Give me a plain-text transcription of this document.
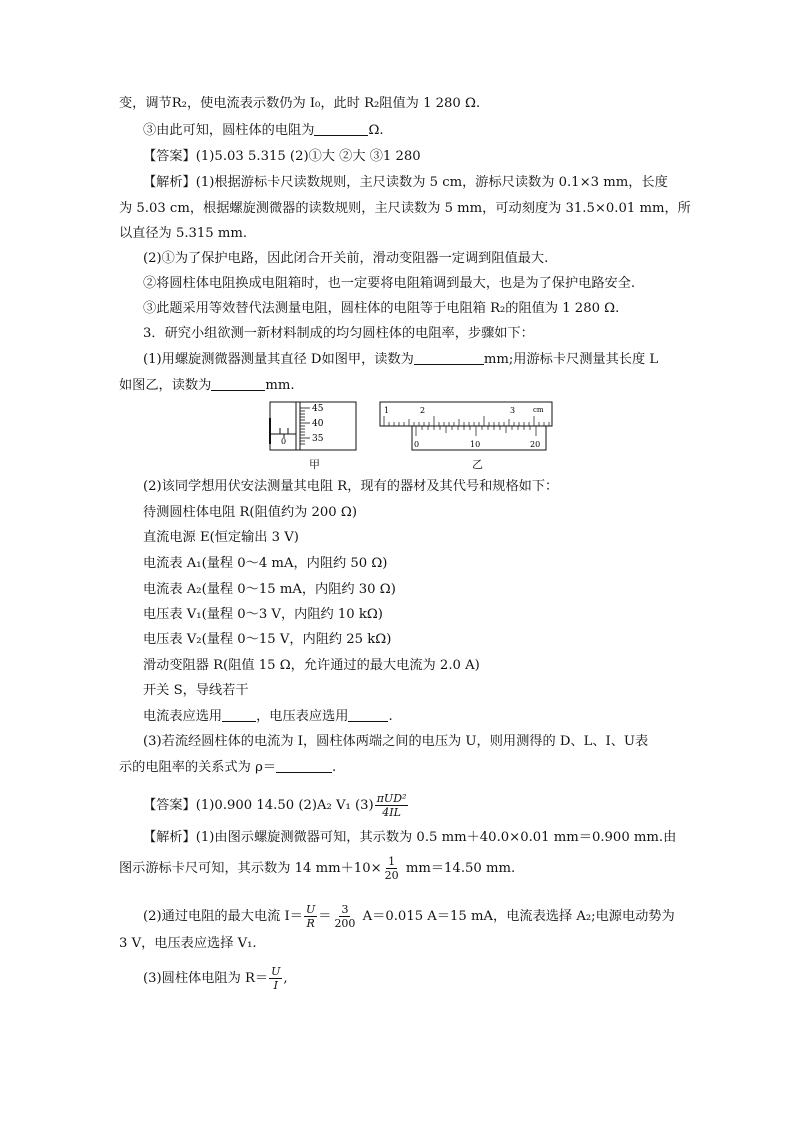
变，调节R₂，使电流表示数仍为 I₀，此时 R₂阻值为 1 280 Ω.
③由此可知，圆柱体的电阻为	Ω.
【答案】(1)5.03 5.315 (2)①大 ②大 ③1 280
【解析】(1)根据游标卡尺读数规则，主尺读数为 5 cm，游标尺读数为 0.1×3 mm，长度
为 5.03 cm，根据螺旋测微器的读数规则，主尺读数为 5 mm，可动刻度为 31.5×0.01 mm，所
以直径为 5.315 mm.
(2)①为了保护电路，因此闭合开关前，滑动变阻器一定调到阻值最大.
②将圆柱体电阻换成电阻箱时，也一定要将电阻箱调到最大，也是为了保护电路安全.
③此题采用等效替代法测量电阻，圆柱体的电阻等于电阻箱 R₂的阻值为 1 280 Ω.
3．研究小组欲测一新材料制成的均匀圆柱体的电阻率，步骤如下：
(1)用螺旋测微器测量其直径 D如图甲，读数为	mm;用游标卡尺测量其长度 L
如图乙，读数为	mm.
45
40
35
0
甲
1	2	3	cm
0	10	20
乙
(2)该同学想用伏安法测量其电阻 R，现有的器材及其代号和规格如下：
待测圆柱体电阻 R(阻值约为 200 Ω)
直流电源 E(恒定输出 3 V)
电流表 A₁(量程 0～4 mA，内阻约 50 Ω)
电流表 A₂(量程 0～15 mA，内阻约 30 Ω)
电压表 V₁(量程 0～3 V，内阻约 10 kΩ)
电压表 V₂(量程 0～15 V，内阻约 25 kΩ)
滑动变阻器 R(阻值 15 Ω，允许通过的最大电流为 2.0 A)
开关 S，导线若干
电流表应选用	，电压表应选用	.
(3)若流经圆柱体的电流为 I，圆柱体两端之间的电压为 U，则用测得的 D、L、I、U表
示的电阻率的关系式为 ρ＝	.
【答案】(1)0.900 14.50 (2)A₂ V₁ $(3) \frac{\text{πUD²}}{4IL}$
【解析】(1)由图示螺旋测微器可知，其示数为 0.5 mm＋40.0×0.01 mm＝0.900 mm.由
图示游标卡尺可知，其示数为 14 $mm+10\times \frac{1}{20} mm=14.50$ mm.
(2)通过电阻的最大电流 $I= \frac{U}{R} = \frac{3}{200} A=0.015$ A＝15 mA，电流表选择 A₂;电源电动势为
3 V，电压表应选择 V₁.
(3)圆柱体电阻为 $R= \frac{U}{I}$ ,
